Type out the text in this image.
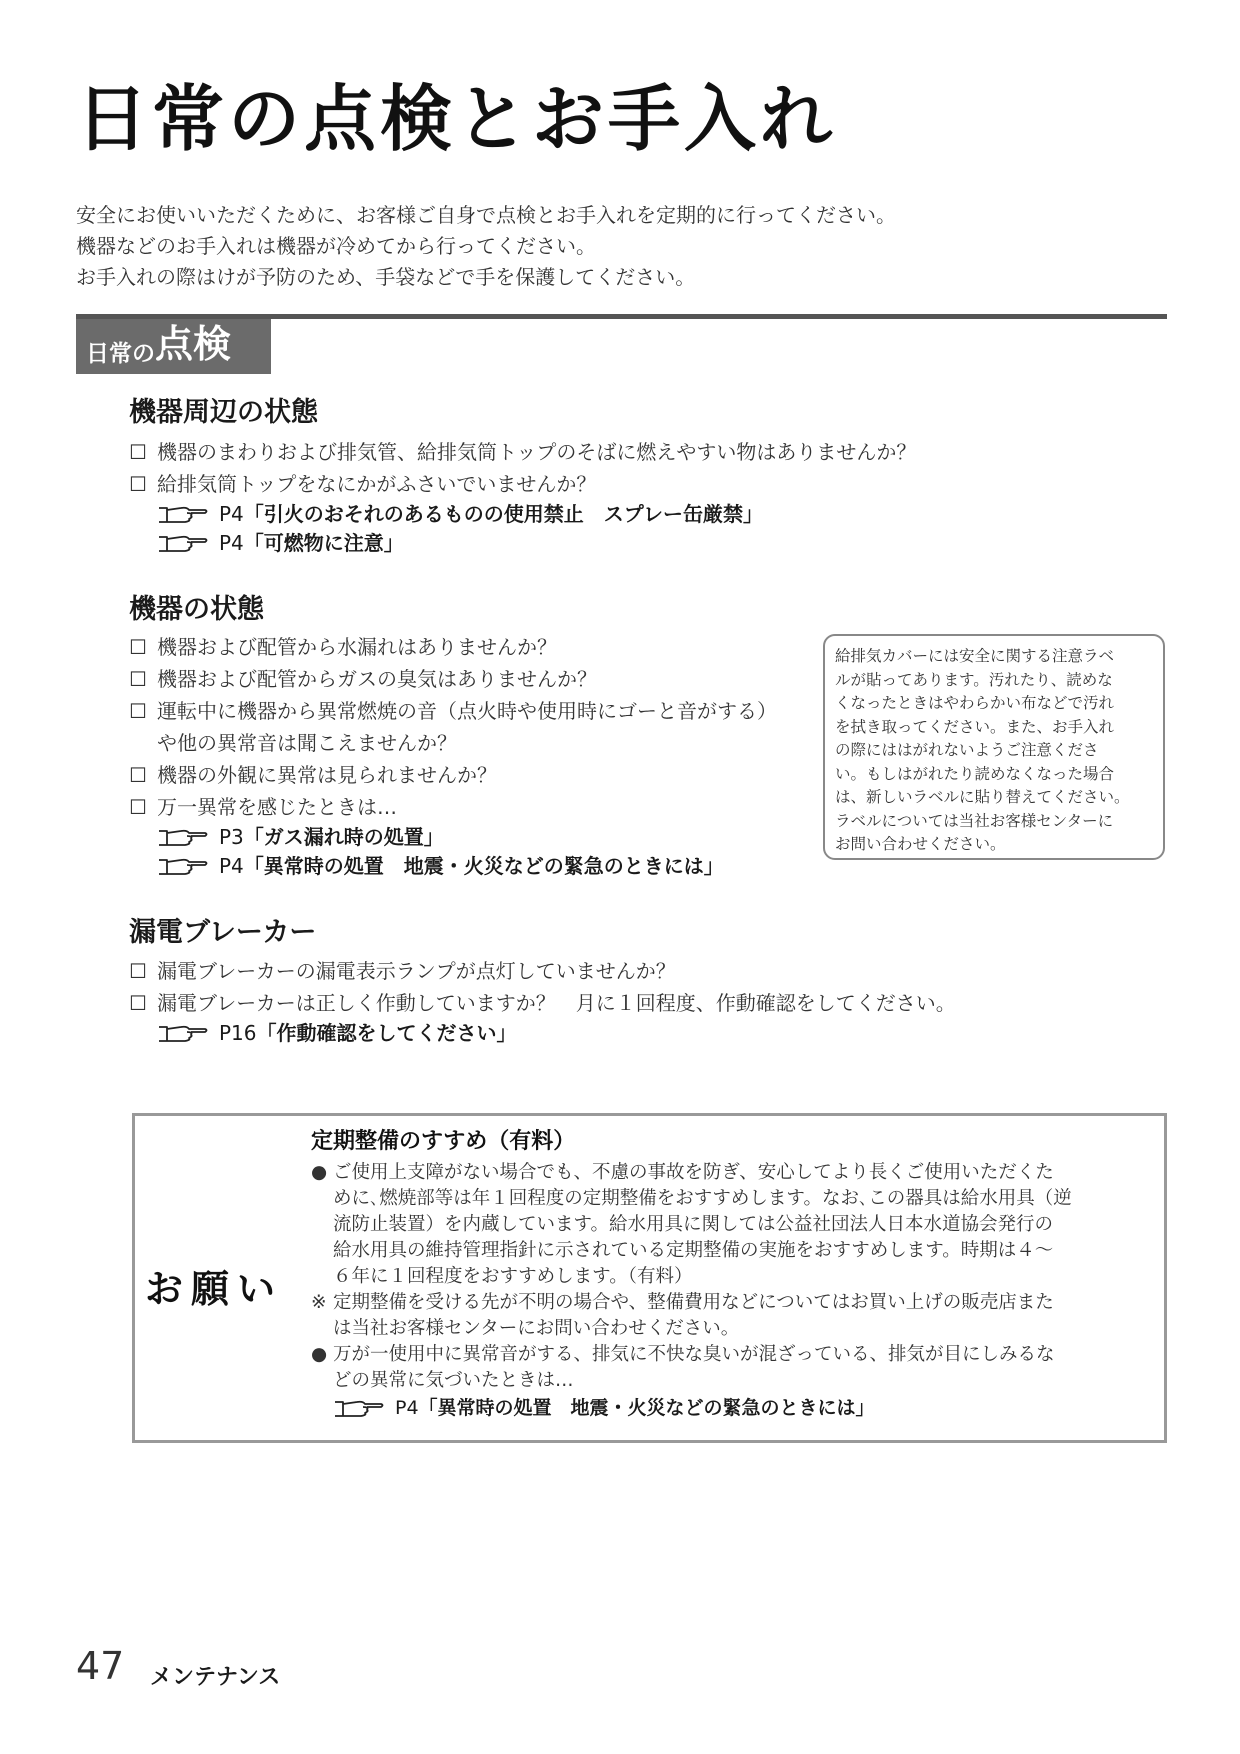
日常の点検とお手入れ
安全にお使いいただくために、お客様ご自身で点検とお手入れを定期的に行ってください。
機器などのお手入れは機器が冷めてから行ってください。
お手入れの際はけが予防のため、手袋などで手を保護してください。
日常の 点検
機器周辺の状態
☐ 機器のまわりおよび排気管、給排気筒トップのそばに燃えやすい物はありませんか？
☐ 給排気筒トップをなにかがふさいでいませんか？
P4 「引火のおそれのあるものの使用禁止　スプレー缶厳禁」
P4 「可燃物に注意」
機器の状態
☐ 機器および配管から水漏れはありませんか？
☐ 機器および配管からガスの臭気はありませんか？
☐ 運転中に機器から異常燃焼の音（点火時や使用時にゴーと音がする）
や他の異常音は聞こえませんか？
☐ 機器の外観に異常は見られませんか？
☐ 万一異常を感じたときは…
P3 「ガス漏れ時の処置」
P4 「異常時の処置　地震・火災などの緊急のときには」
給排気カバーには安全に関する注意ラベ
ルが貼ってあります。汚れたり、読めな
くなったときはやわらかい布などで汚れ
を拭き取ってください。また、お手入れ
の際にははがれないようご注意くださ
い。もしはがれたり読めなくなった場合
は、新しいラベルに貼り替えてください。
ラベルについては当社お客様センターに
お問い合わせください。
漏電ブレーカー
☐ 漏電ブレーカーの漏電表示ランプが点灯していませんか？
☐ 漏電ブレーカーは正しく作動していますか？　月に１回程度、作動確認をしてください。
P16 「作動確認をしてください」
お願い
定期整備のすすめ（有料）
● ご使用上支障がない場合でも、不慮の事故を防ぎ、安心してより長くご使用いただくた
めに､燃焼部等は年１回程度の定期整備をおすすめします。なお､この器具は給水用具（逆
流防止装置）を内蔵しています。給水用具に関しては公益社団法人日本水道協会発行の
給水用具の維持管理指針に示されている定期整備の実施をおすすめします。時期は４～
６年に１回程度をおすすめします。（有料）
※ 定期整備を受ける先が不明の場合や、整備費用などについてはお買い上げの販売店また
は当社お客様センターにお問い合わせください。
● 万が一使用中に異常音がする、排気に不快な臭いが混ざっている、排気が目にしみるな
どの異常に気づいたときは…
P4 「異常時の処置　地震・火災などの緊急のときには」
47 メンテナンス
